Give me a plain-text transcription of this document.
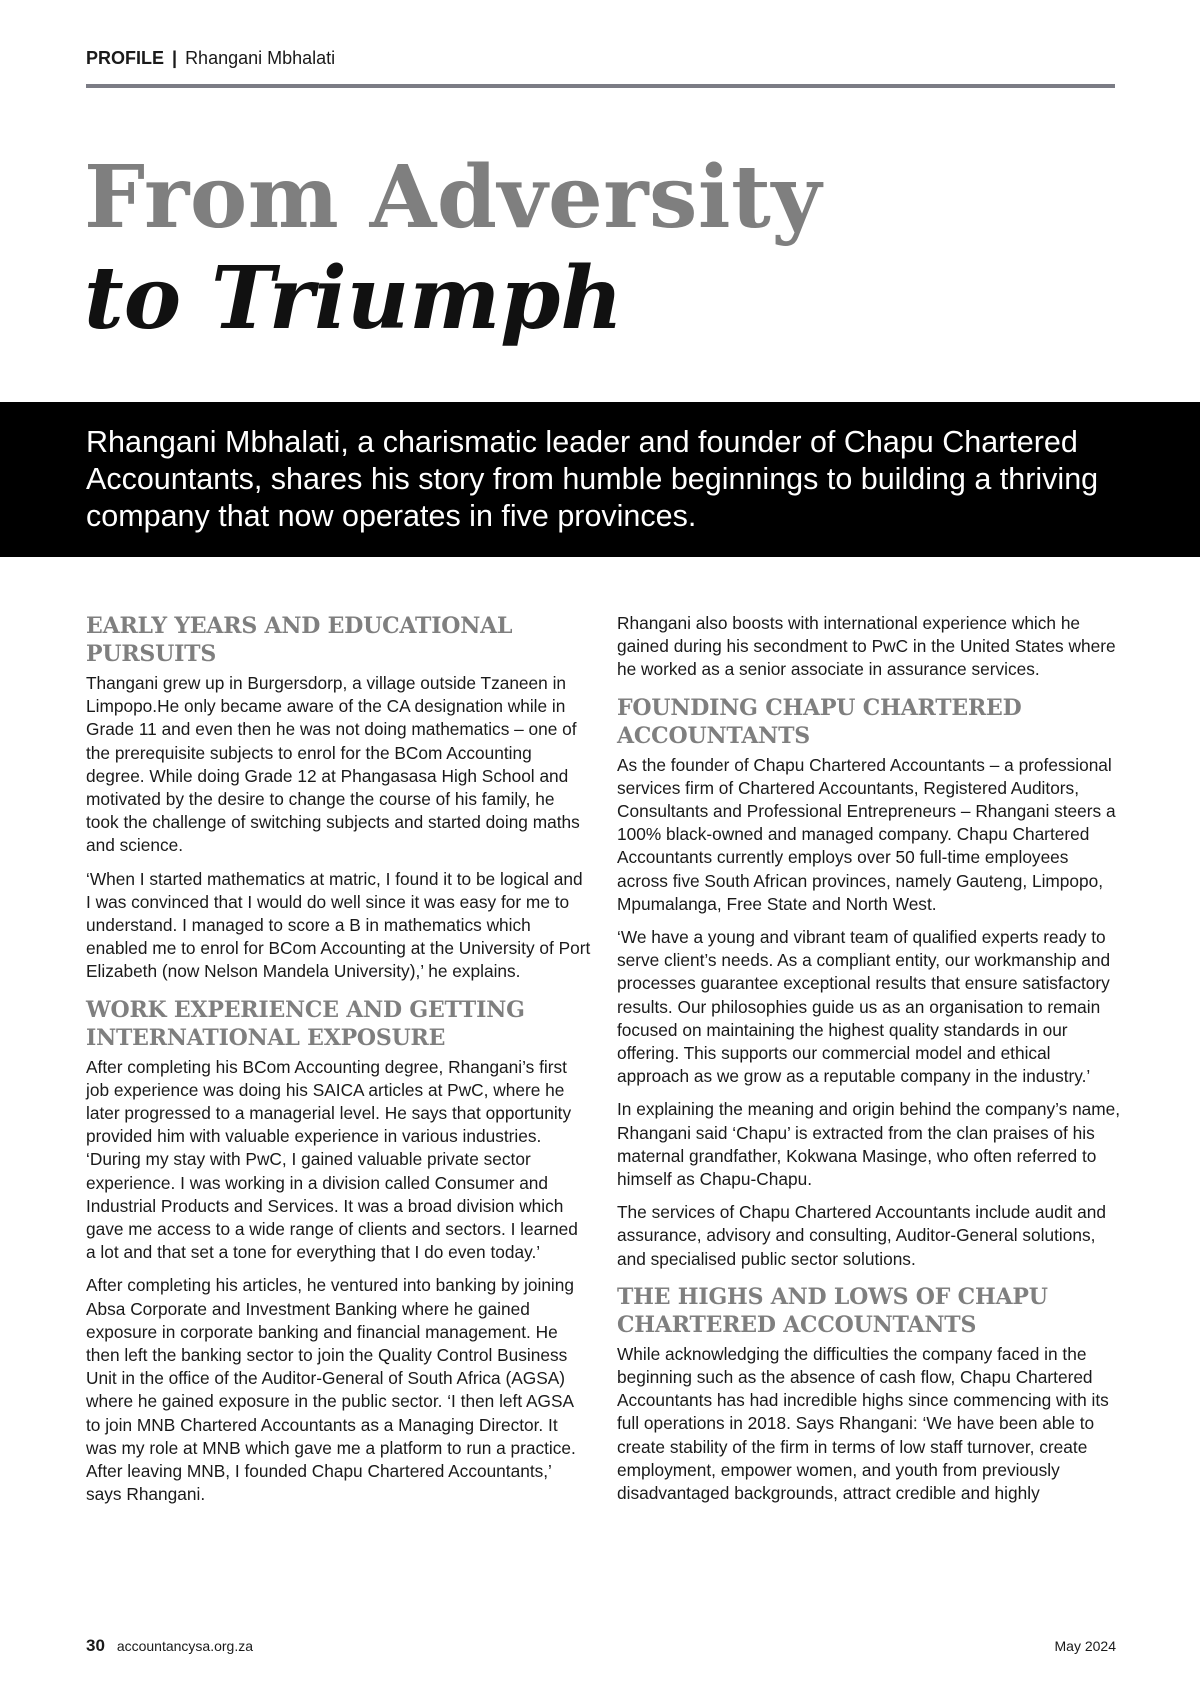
PROFILE | Rhangani Mbhalati
From Adversity
to Triumph

Rhangani Mbhalati, a charismatic leader and founder of Chapu Chartered Accountants, shares his story from humble beginnings to building a thriving company that now operates in five provinces.

EARLY YEARS AND EDUCATIONAL PURSUITS

Thangani grew up in Burgersdorp, a village outside Tzaneen in Limpopo.He only became aware of the CA designation while in Grade 11 and even then he was not doing mathematics – one of the prerequisite subjects to enrol for the BCom Accounting degree. While doing Grade 12 at Phangasasa High School and motivated by the desire to change the course of his family, he took the challenge of switching subjects and started doing maths and science.

‘When I started mathematics at matric, I found it to be logical and I was convinced that I would do well since it was easy for me to understand. I managed to score a B in mathematics which enabled me to enrol for BCom Accounting at the University of Port Elizabeth (now Nelson Mandela University),’ he explains.

WORK EXPERIENCE AND GETTING INTERNATIONAL EXPOSURE

After completing his BCom Accounting degree, Rhangani’s first job experience was doing his SAICA articles at PwC, where he later progressed to a managerial level. He says that opportunity provided him with valuable experience in various industries. ‘During my stay with PwC, I gained valuable private sector experience. I was working in a division called Consumer and Industrial Products and Services. It was a broad division which gave me access to a wide range of clients and sectors. I learned a lot and that set a tone for everything that I do even today.’

After completing his articles, he ventured into banking by joining Absa Corporate and Investment Banking where he gained exposure in corporate banking and financial management. He then left the banking sector to join the Quality Control Business Unit in the office of the Auditor-General of South Africa (AGSA) where he gained exposure in the public sector. ‘I then left AGSA to join MNB Chartered Accountants as a Managing Director. It was my role at MNB which gave me a platform to run a practice. After leaving MNB, I founded Chapu Chartered Accountants,’ says Rhangani.

Rhangani also boosts with international experience which he gained during his secondment to PwC in the United States where he worked as a senior associate in assurance services.

FOUNDING CHAPU CHARTERED ACCOUNTANTS

As the founder of Chapu Chartered Accountants – a professional services firm of Chartered Accountants, Registered Auditors, Consultants and Professional Entrepreneurs – Rhangani steers a 100% black-owned and managed company. Chapu Chartered Accountants currently employs over 50 full-time employees across five South African provinces, namely Gauteng, Limpopo, Mpumalanga, Free State and North West.

‘We have a young and vibrant team of qualified experts ready to serve client’s needs. As a compliant entity, our workmanship and processes guarantee exceptional results that ensure satisfactory results. Our philosophies guide us as an organisation to remain focused on maintaining the highest quality standards in our offering. This supports our commercial model and ethical approach as we grow as a reputable company in the industry.’

In explaining the meaning and origin behind the company’s name, Rhangani said ‘Chapu’ is extracted from the clan praises of his maternal grandfather, Kokwana Masinge, who often referred to himself as Chapu-Chapu.

The services of Chapu Chartered Accountants include audit and assurance, advisory and consulting, Auditor-General solutions, and specialised public sector solutions.

THE HIGHS AND LOWS OF CHAPU CHARTERED ACCOUNTANTS

While acknowledging the difficulties the company faced in the beginning such as the absence of cash flow, Chapu Chartered Accountants has had incredible highs since commencing with its full operations in 2018. Says Rhangani: ‘We have been able to create stability of the firm in terms of low staff turnover, create employment, empower women, and youth from previously disadvantaged backgrounds, attract credible and highly

30 accountancysa.org.za	May 2024
